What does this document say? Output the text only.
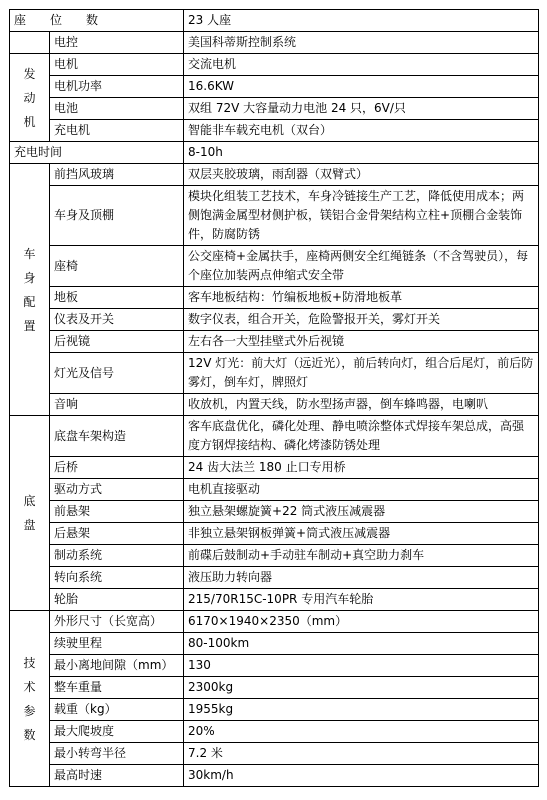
座　　位　　数		23 人座
	电控	美国科蒂斯控制系统

发
动
机	电机	交流电机
	电机功率	16.6KW
	电池	双组 72V 大容量动力电池 24 只，6V/只
	充电机	智能非车载充电机（双台）
充电时间		8-10h

车
身
配
置	前挡风玻璃	双层夹胶玻璃，雨刮器（双臂式）
	车身及顶棚	模块化组装工艺技术，车身冷链接生产工艺，降低使用成本；两侧饱满金属型材侧护板，镁铝合金骨架结构立柱+顶棚合金装饰件，防腐防锈
	座椅	公交座椅+金属扶手，座椅两侧安全红绳链条（不含驾驶员），每个座位加装两点伸缩式安全带
	地板	客车地板结构：竹编板地板+防滑地板革
	仪表及开关	数字仪表，组合开关，危险警报开关，雾灯开关
	后视镜	左右各一大型挂壁式外后视镜
	灯光及信号	12V 灯光：前大灯（远近光），前后转向灯，组合后尾灯，前后防雾灯，倒车灯，牌照灯
	音响	收放机，内置天线，防水型扬声器，倒车蜂鸣器，电喇叭

底
盘	底盘车架构造	客车底盘优化，磷化处理、静电喷涂整体式焊接车架总成，高强度方钢焊接结构、磷化烤漆防锈处理
	后桥	24 齿大法兰 180 止口专用桥
	驱动方式	电机直接驱动
	前悬架	独立悬架螺旋簧+22 筒式液压减震器
	后悬架	非独立悬架钢板弹簧+筒式液压减震器
	制动系统	前碟后鼓制动+手动驻车制动+真空助力刹车
	转向系统	液压助力转向器
	轮胎	215/70R15C-10PR 专用汽车轮胎

技
术
参
数	外形尺寸（长宽高）	6170×1940×2350（mm）
	续驶里程	80-100km
	最小离地间隙（mm）	130
	整车重量	2300kg
	载重（kg）	1955kg
	最大爬坡度	20%
	最小转弯半径	7.2 米
	最高时速	30km/h
